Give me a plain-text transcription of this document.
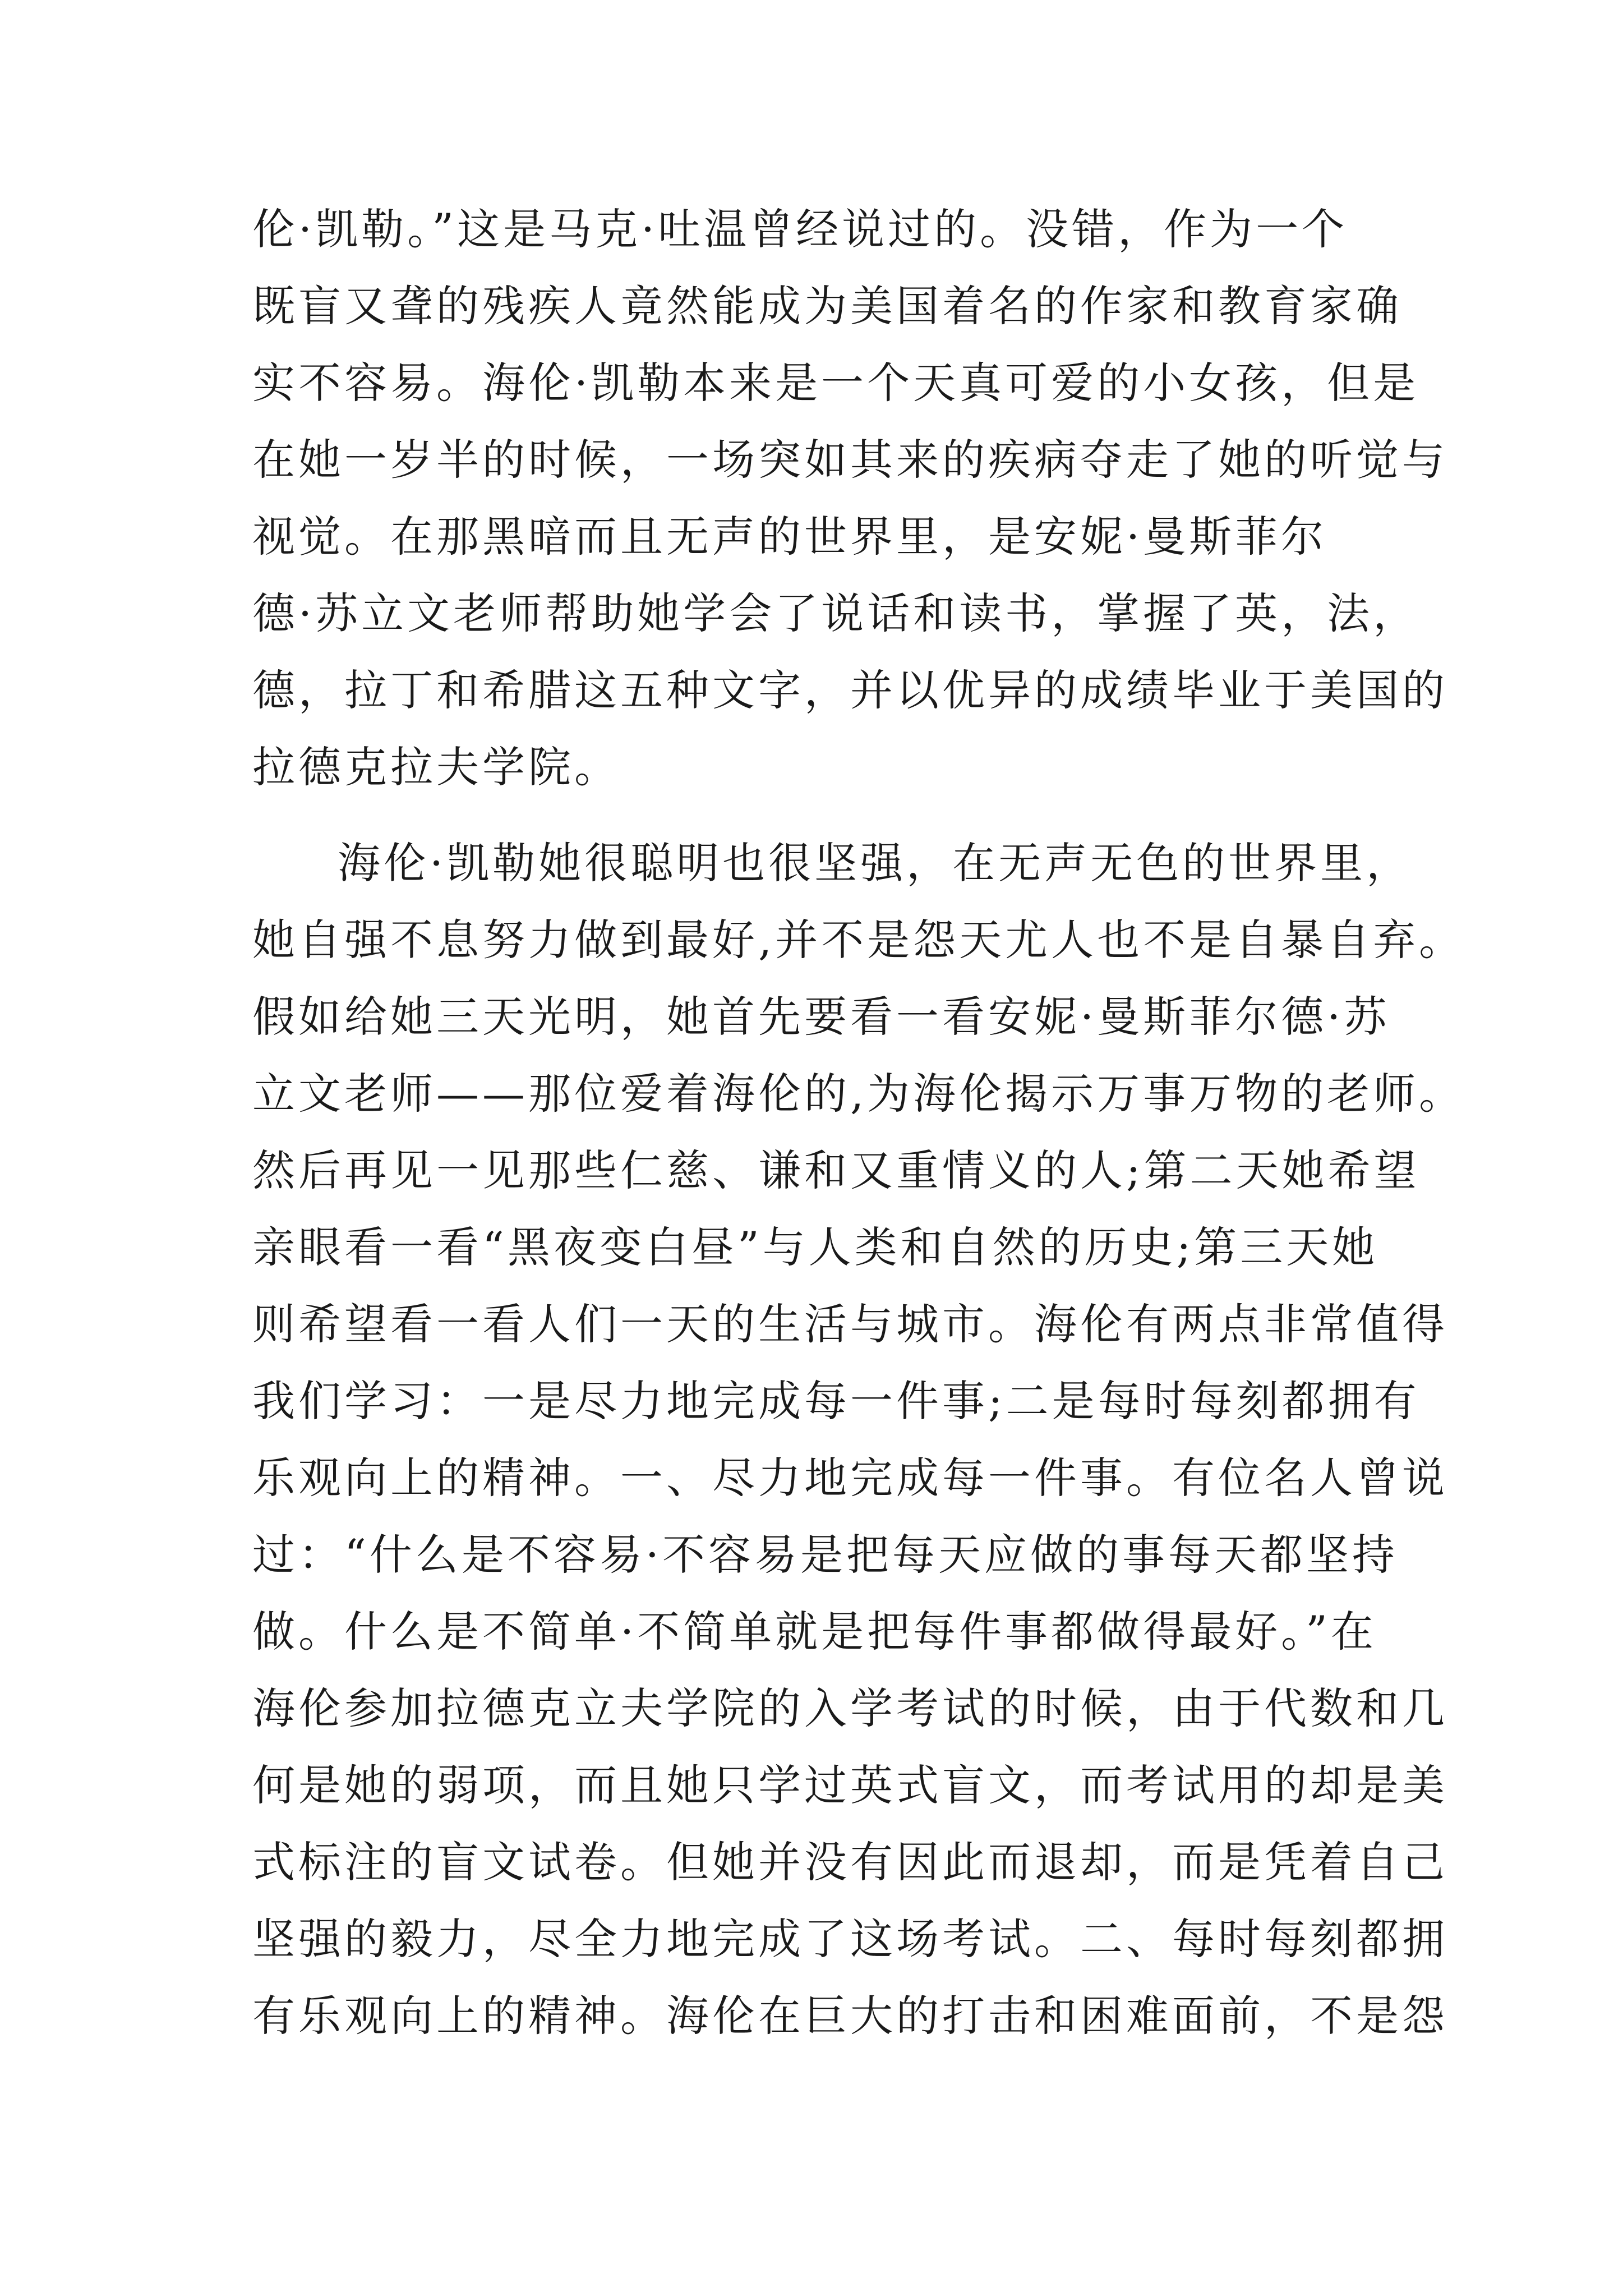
伦·凯勒。”这是马克·吐温曾经说过的。没错，作为一个
既盲又聋的残疾人竟然能成为美国着名的作家和教育家确
实不容易。海伦·凯勒本来是一个天真可爱的小女孩，但是
在她一岁半的时候，一场突如其来的疾病夺走了她的听觉与
视觉。在那黑暗而且无声的世界里，是安妮·曼斯菲尔
德·苏立文老师帮助她学会了说话和读书，掌握了英，法，
德，拉丁和希腊这五种文字，并以优异的成绩毕业于美国的
拉德克拉夫学院。
海伦·凯勒她很聪明也很坚强，在无声无色的世界里，
她自强不息努力做到最好,并不是怨天尤人也不是自暴自弃。
假如给她三天光明，她首先要看一看安妮·曼斯菲尔德·苏
立文老师——那位爱着海伦的,为海伦揭示万事万物的老师。
然后再见一见那些仁慈、谦和又重情义的人;第二天她希望
亲眼看一看“黑夜变白昼”与人类和自然的历史;第三天她
则希望看一看人们一天的生活与城市。海伦有两点非常值得
我们学习：一是尽力地完成每一件事;二是每时每刻都拥有
乐观向上的精神。一、尽力地完成每一件事。有位名人曾说
过：“什么是不容易·不容易是把每天应做的事每天都坚持
做。什么是不简单·不简单就是把每件事都做得最好。”在
海伦参加拉德克立夫学院的入学考试的时候，由于代数和几
何是她的弱项，而且她只学过英式盲文，而考试用的却是美
式标注的盲文试卷。但她并没有因此而退却，而是凭着自己
坚强的毅力，尽全力地完成了这场考试。二、每时每刻都拥
有乐观向上的精神。海伦在巨大的打击和困难面前，不是怨
